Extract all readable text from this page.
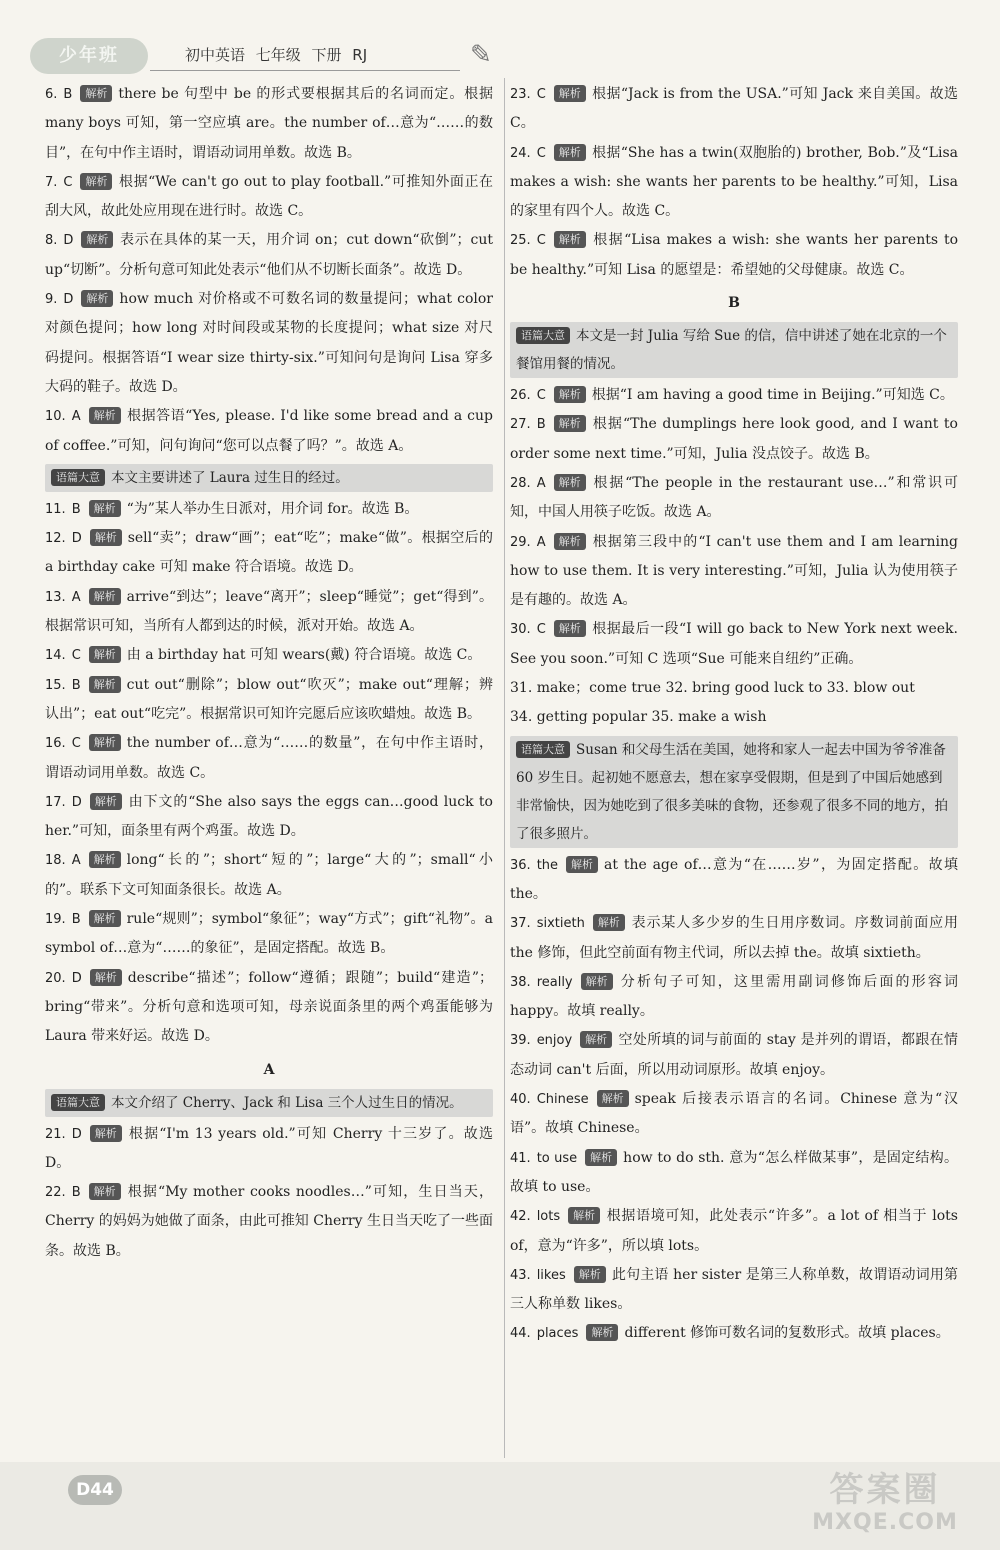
少年班	初中英语 七年级 下册 RJ	✎

6. B 解析 there be 句型中 be 的形式要根据其后的名词而定。根据 many boys 可知，第一空应填 are。the number of…意为“……的数目”，在句中作主语时，谓语动词用单数。故选 B。

7. C 解析 根据“We can't go out to play football.”可推知外面正在刮大风，故此处应用现在进行时。故选 C。

8. D 解析 表示在具体的某一天，用介词 on；cut down“砍倒”；cut up“切断”。分析句意可知此处表示“他们从不切断长面条”。故选 D。

9. D 解析 how much 对价格或不可数名词的数量提问；what color 对颜色提问；how long 对时间段或某物的长度提问；what size 对尺码提问。根据答语“I wear size thirty-six.”可知问句是询问 Lisa 穿多大码的鞋子。故选 D。

10. A 解析 根据答语“Yes, please. I'd like some bread and a cup of coffee.”可知，问句询问“您可以点餐了吗？”。故选 A。

语篇大意 本文主要讲述了 Laura 过生日的经过。

11. B 解析 “为”某人举办生日派对，用介词 for。故选 B。

12. D 解析 sell“卖”；draw“画”；eat“吃”；make“做”。根据空后的 a birthday cake 可知 make 符合语境。故选 D。

13. A 解析 arrive“到达”；leave“离开”；sleep“睡觉”；get“得到”。根据常识可知，当所有人都到达的时候，派对开始。故选 A。

14. C 解析 由 a birthday hat 可知 wears(戴) 符合语境。故选 C。

15. B 解析 cut out“删除”；blow out“吹灭”；make out“理解；辨认出”；eat out“吃完”。根据常识可知许完愿后应该吹蜡烛。故选 B。

16. C 解析 the number of…意为“……的数量”，在句中作主语时，谓语动词用单数。故选 C。

17. D 解析 由下文的“She also says the eggs can…good luck to her.”可知，面条里有两个鸡蛋。故选 D。

18. A 解析 long“长的”；short“短的”；large“大的”；small“小的”。联系下文可知面条很长。故选 A。

19. B 解析 rule“规则”；symbol“象征”；way“方式”；gift“礼物”。a symbol of…意为“……的象征”，是固定搭配。故选 B。

20. D 解析 describe“描述”；follow“遵循；跟随”；build“建造”；bring“带来”。分析句意和选项可知，母亲说面条里的两个鸡蛋能够为 Laura 带来好运。故选 D。

A
语篇大意 本文介绍了 Cherry、Jack 和 Lisa 三个人过生日的情况。

21. D 解析 根据“I'm 13 years old.”可知 Cherry 十三岁了。故选 D。

22. B 解析 根据“My mother cooks noodles…”可知，生日当天，Cherry 的妈妈为她做了面条，由此可推知 Cherry 生日当天吃了一些面条。故选 B。

23. C 解析 根据“Jack is from the USA.”可知 Jack 来自美国。故选 C。

24. C 解析 根据“She has a twin(双胞胎的) brother, Bob.”及“Lisa makes a wish: she wants her parents to be healthy.”可知，Lisa 的家里有四个人。故选 C。

25. C 解析 根据“Lisa makes a wish: she wants her parents to be healthy.”可知 Lisa 的愿望是：希望她的父母健康。故选 C。

B
语篇大意 本文是一封 Julia 写给 Sue 的信，信中讲述了她在北京的一个餐馆用餐的情况。

26. C 解析 根据“I am having a good time in Beijing.”可知选 C。

27. B 解析 根据“The dumplings here look good, and I want to order some next time.”可知，Julia 没点饺子。故选 B。

28. A 解析 根据“The people in the restaurant use…”和常识可知，中国人用筷子吃饭。故选 A。

29. A 解析 根据第三段中的“I can't use them and I am learning how to use them. It is very interesting.”可知，Julia 认为使用筷子是有趣的。故选 A。

30. C 解析 根据最后一段“I will go back to New York next week. See you soon.”可知 C 选项“Sue 可能来自纽约”正确。

31. make；come true 32. bring good luck to 33. blow out

34. getting popular 35. make a wish

语篇大意 Susan 和父母生活在美国，她将和家人一起去中国为爷爷准备 60 岁生日。起初她不愿意去，想在家享受假期，但是到了中国后她感到非常愉快，因为她吃到了很多美味的食物，还参观了很多不同的地方，拍了很多照片。

36. the 解析 at the age of…意为“在……岁”，为固定搭配。故填 the。

37. sixtieth 解析 表示某人多少岁的生日用序数词。序数词前面应用 the 修饰，但此空前面有物主代词，所以去掉 the。故填 sixtieth。

38. really 解析 分析句子可知，这里需用副词修饰后面的形容词 happy。故填 really。

39. enjoy 解析 空处所填的词与前面的 stay 是并列的谓语，都跟在情态动词 can't 后面，所以用动词原形。故填 enjoy。

40. Chinese 解析 speak 后接表示语言的名词。Chinese 意为“汉语”。故填 Chinese。

41. to use 解析 how to do sth. 意为“怎么样做某事”，是固定结构。故填 to use。

42. lots 解析 根据语境可知，此处表示“许多”。a lot of 相当于 lots of，意为“许多”，所以填 lots。

43. likes 解析 此句主语 her sister 是第三人称单数，故谓语动词用第三人称单数 likes。

44. places 解析 different 修饰可数名词的复数形式。故填 places。

D44	答案圈
MXQE.COM
